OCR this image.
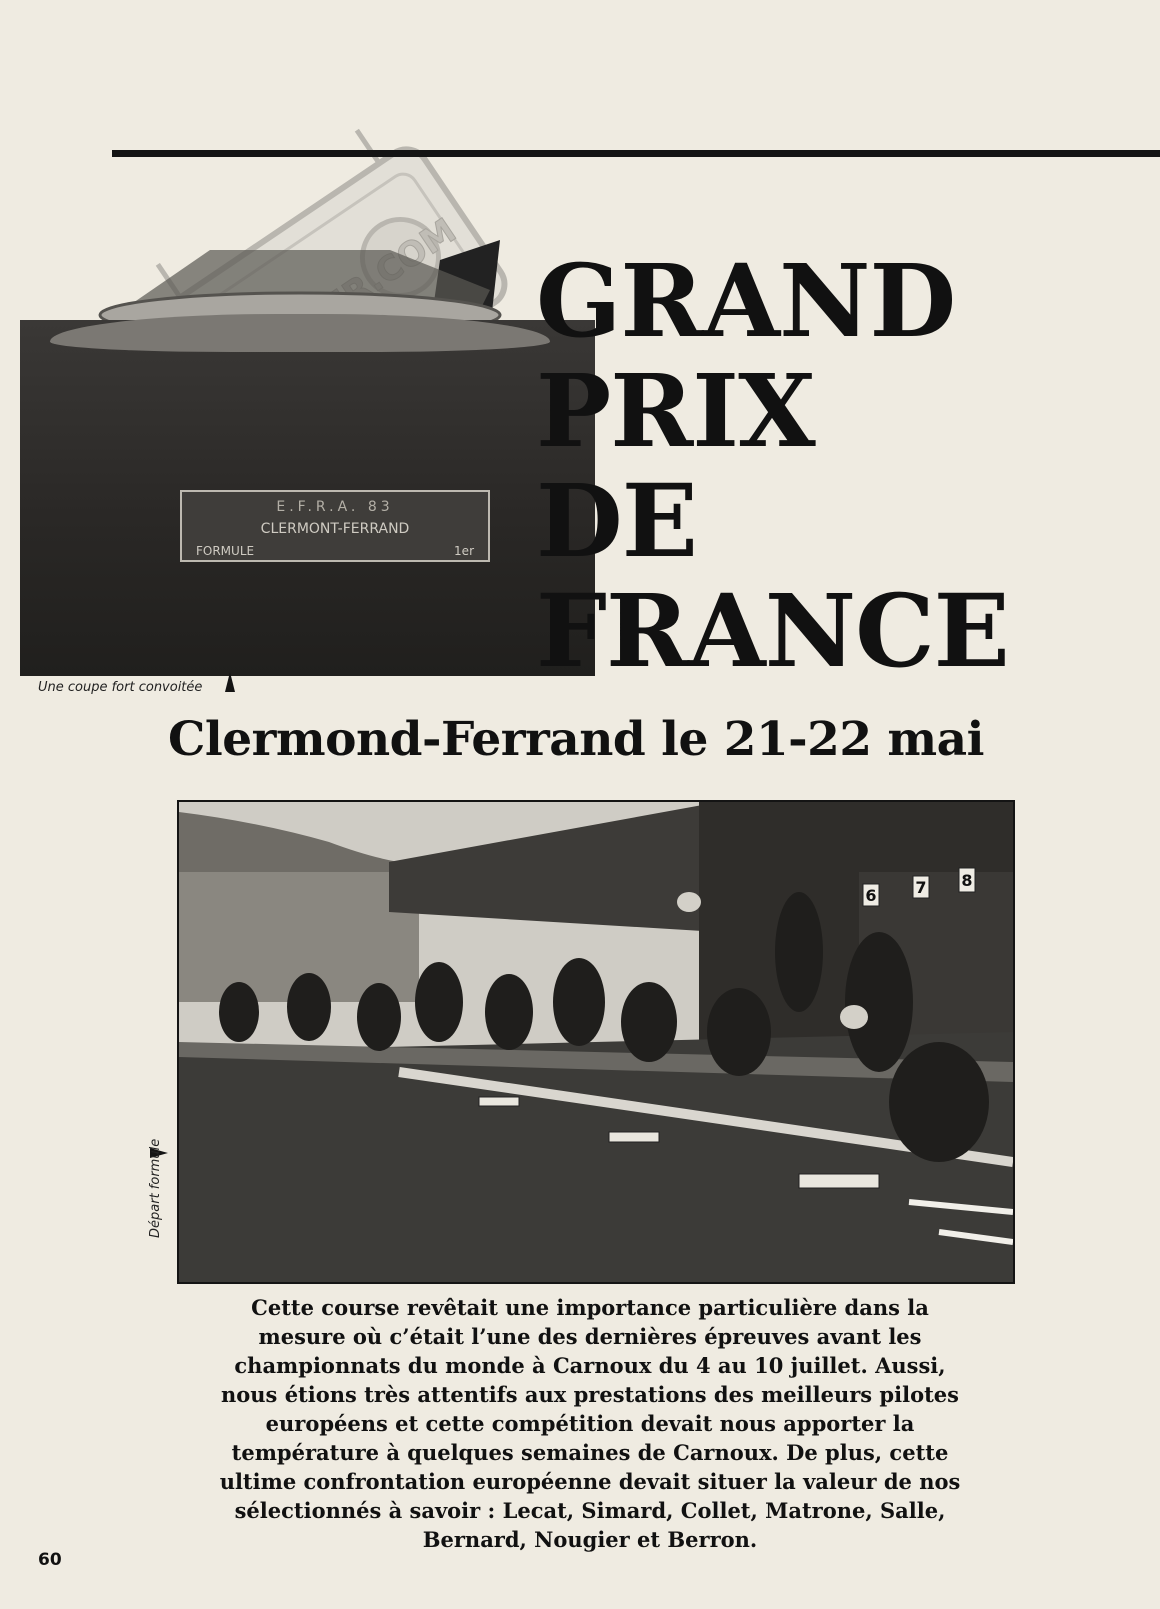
E.F.R.A. 83
CLERMONT-FERRAND
FORMULE	1er
Une coupe fort convoitée
GRAND
PRIX
DE
FRANCE
Clermond-Ferrand le 21-22 mai
6 7 8
Départ formule
Cette course revêtait une importance particulière dans la
mesure où c’était l’une des dernières épreuves avant les
championnats du monde à Carnoux du 4 au 10 juillet. Aussi,
nous étions très attentifs aux prestations des meilleurs pilotes
européens et cette compétition devait nous apporter la
température à quelques semaines de Carnoux. De plus, cette
ultime confrontation européenne devait situer la valeur de nos
sélectionnés à savoir : Lecat, Simard, Collet, Matrone, Salle,
Bernard, Nougier et Berron.
60
